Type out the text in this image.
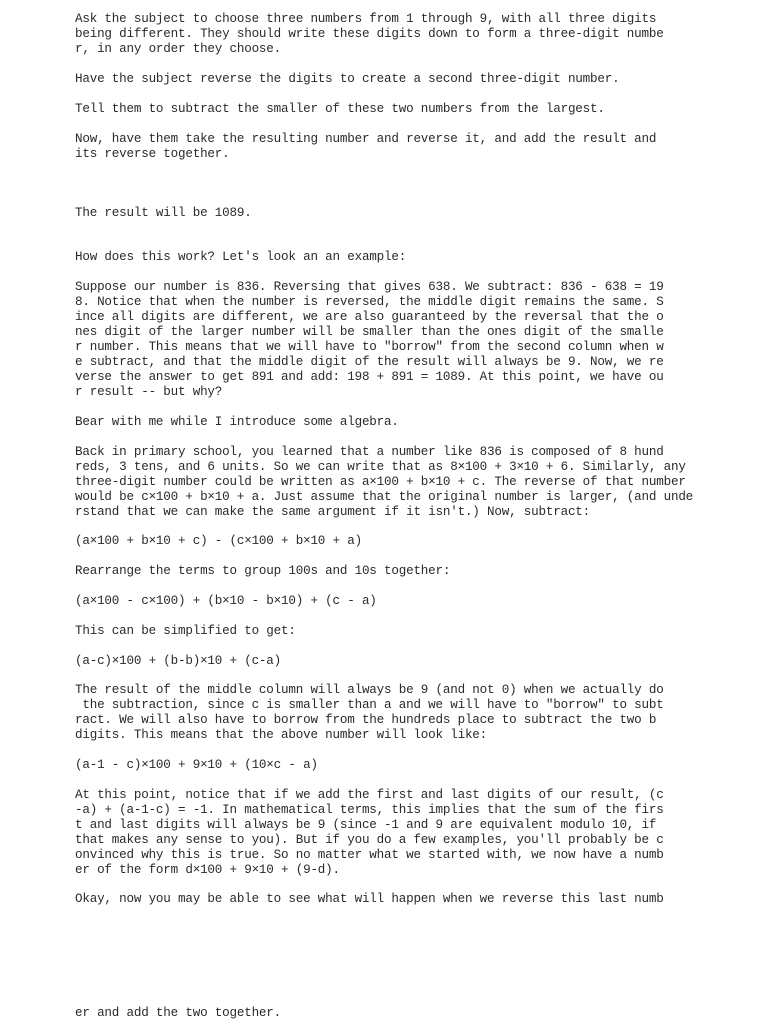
Ask the subject to choose three numbers from 1 through 9, with all three digits
being different. They should write these digits down to form a three-digit numbe
r, in any order they choose.

Have the subject reverse the digits to create a second three-digit number.

Tell them to subtract the smaller of these two numbers from the largest.

Now, have them take the resulting number and reverse it, and add the result and
its reverse together.

The result will be 1089.

How does this work? Let's look an an example:

Suppose our number is 836. Reversing that gives 638. We subtract: 836 - 638 = 19
8. Notice that when the number is reversed, the middle digit remains the same. S
ince all digits are different, we are also guaranteed by the reversal that the o
nes digit of the larger number will be smaller than the ones digit of the smalle
r number. This means that we will have to "borrow" from the second column when w
e subtract, and that the middle digit of the result will always be 9. Now, we re
verse the answer to get 891 and add: 198 + 891 = 1089. At this point, we have ou
r result -- but why?

Bear with me while I introduce some algebra.

Back in primary school, you learned that a number like 836 is composed of 8 hund
reds, 3 tens, and 6 units. So we can write that as 8×100 + 3×10 + 6. Similarly, any
three-digit number could be written as a×100 + b×10 + c. The reverse of that number
would be c×100 + b×10 + a. Just assume that the original number is larger, (and unde
rstand that we can make the same argument if it isn't.) Now, subtract:

(a×100 + b×10 + c) - (c×100 + b×10 + a)

Rearrange the terms to group 100s and 10s together:

(a×100 - c×100) + (b×10 - b×10) + (c - a)

This can be simplified to get:

(a-c)×100 + (b-b)×10 + (c-a)

The result of the middle column will always be 9 (and not 0) when we actually do
the subtraction, since c is smaller than a and we will have to "borrow" to subt
ract. We will also have to borrow from the hundreds place to subtract the two b
digits. This means that the above number will look like:

(a-1 - c)×100 + 9×10 + (10×c - a)

At this point, notice that if we add the first and last digits of our result, (c
-a) + (a-1-c) = -1. In mathematical terms, this implies that the sum of the firs
t and last digits will always be 9 (since -1 and 9 are equivalent modulo 10, if
that makes any sense to you). But if you do a few examples, you'll probably be c
onvinced why this is true. So no matter what we started with, we now have a numb
er of the form d×100 + 9×10 + (9-d).

Okay, now you may be able to see what will happen when we reverse this last numb

er and add the two together.
